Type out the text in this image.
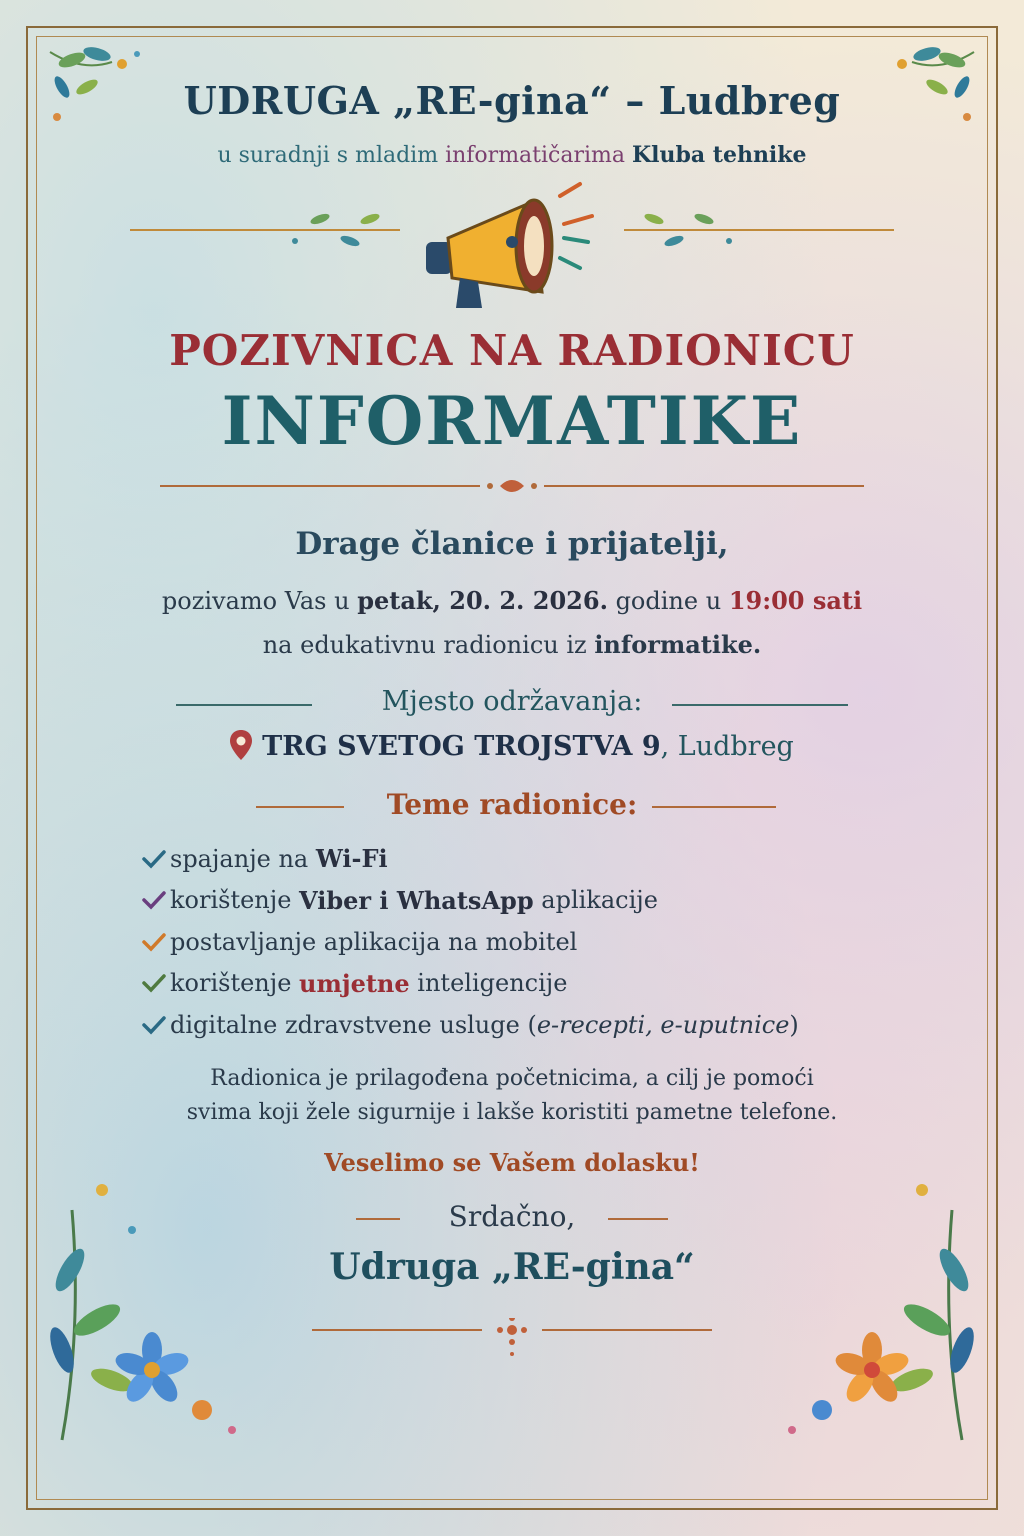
UDRUGA „RE-gina“ – Ludbreg
u suradnji s mladim informatičarima Kluba tehnike
POZIVNICA NA RADIONICU
INFORMATIKE
Drage članice i prijatelji,
pozivamo Vas u petak, 20. 2. 2026. godine u 19:00 sati
na edukativnu radionicu iz informatike.
Mjesto održavanja:
TRG SVETOG TROJSTVA 9, Ludbreg
Teme radionice:
spajanje na
Wi-Fi
korištenje
Viber i WhatsApp
aplikacije
postavljanje aplikacija na mobitel
korištenje
umjetne
inteligencije
digitalne zdravstvene usluge ( e-recepti, e-uputnice )
Radionica je prilagođena početnicima, a cilj je pomoći
svima koji žele sigurnije i lakše koristiti pametne telefone.
Veselimo se Vašem dolasku!
Srdačno,
Udruga „RE-gina“
